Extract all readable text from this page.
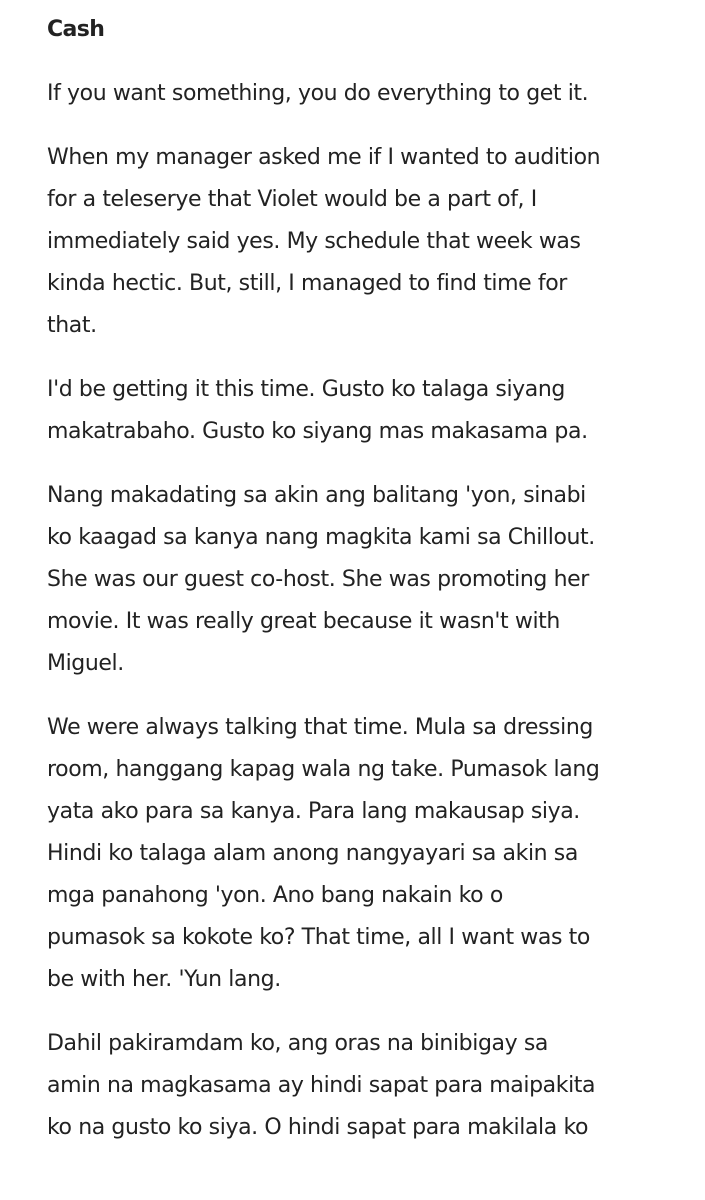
Cash
If you want something, you do everything to get it.
When my manager asked me if I wanted to audition
for a teleserye that Violet would be a part of, I
immediately said yes. My schedule that week was
kinda hectic. But, still, I managed to find time for
that.
I'd be getting it this time. Gusto ko talaga siyang
makatrabaho. Gusto ko siyang mas makasama pa.
Nang makadating sa akin ang balitang 'yon, sinabi
ko kaagad sa kanya nang magkita kami sa Chillout.
She was our guest co-host. She was promoting her
movie. It was really great because it wasn't with
Miguel.
We were always talking that time. Mula sa dressing
room, hanggang kapag wala ng take. Pumasok lang
yata ako para sa kanya. Para lang makausap siya.
Hindi ko talaga alam anong nangyayari sa akin sa
mga panahong 'yon. Ano bang nakain ko o
pumasok sa kokote ko? That time, all I want was to
be with her. 'Yun lang.
Dahil pakiramdam ko, ang oras na binibigay sa
amin na magkasama ay hindi sapat para maipakita
ko na gusto ko siya. O hindi sapat para makilala ko
